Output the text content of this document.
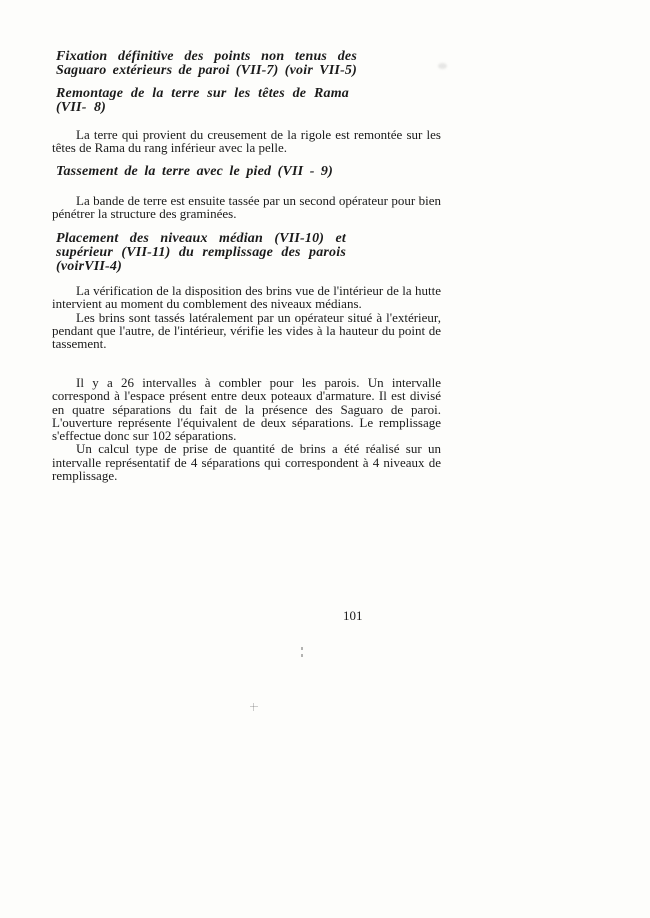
Fixation définitive des points non tenus des
Saguaro extérieurs de paroi (VII-7) (voir VII-5)
Remontage de la terre sur les têtes de Rama
(VII-  8)

La terre qui provient du creusement de la rigole est remontée sur les têtes de Rama du rang inférieur avec la pelle.

Tassement de la terre avec le pied (VII - 9)

La bande de terre est ensuite tassée par un second opérateur pour bien pénétrer la structure des graminées.

Placement des niveaux médian (VII-10) et
supérieur (VII-11) du remplissage des parois
(voirVII-4)

La vérification de la disposition des brins vue de l'intérieur de la hutte intervient au moment du comblement des niveaux médians.

Les brins sont tassés latéralement par un opérateur situé à l'extérieur, pendant que l'autre, de l'intérieur, vérifie les vides à la hauteur du point de tassement.

Il y a 26 intervalles à combler pour les parois. Un intervalle correspond à l'espace présent entre deux poteaux d'armature. Il est divisé en quatre séparations du fait de la présence des Saguaro de paroi. L'ouverture représente l'équivalent de deux séparations. Le remplissage s'effectue donc sur 102 séparations.

Un calcul type de prise de quantité de brins a été réalisé sur un intervalle représentatif de 4 séparations qui correspondent à 4 niveaux de remplissage.

101
